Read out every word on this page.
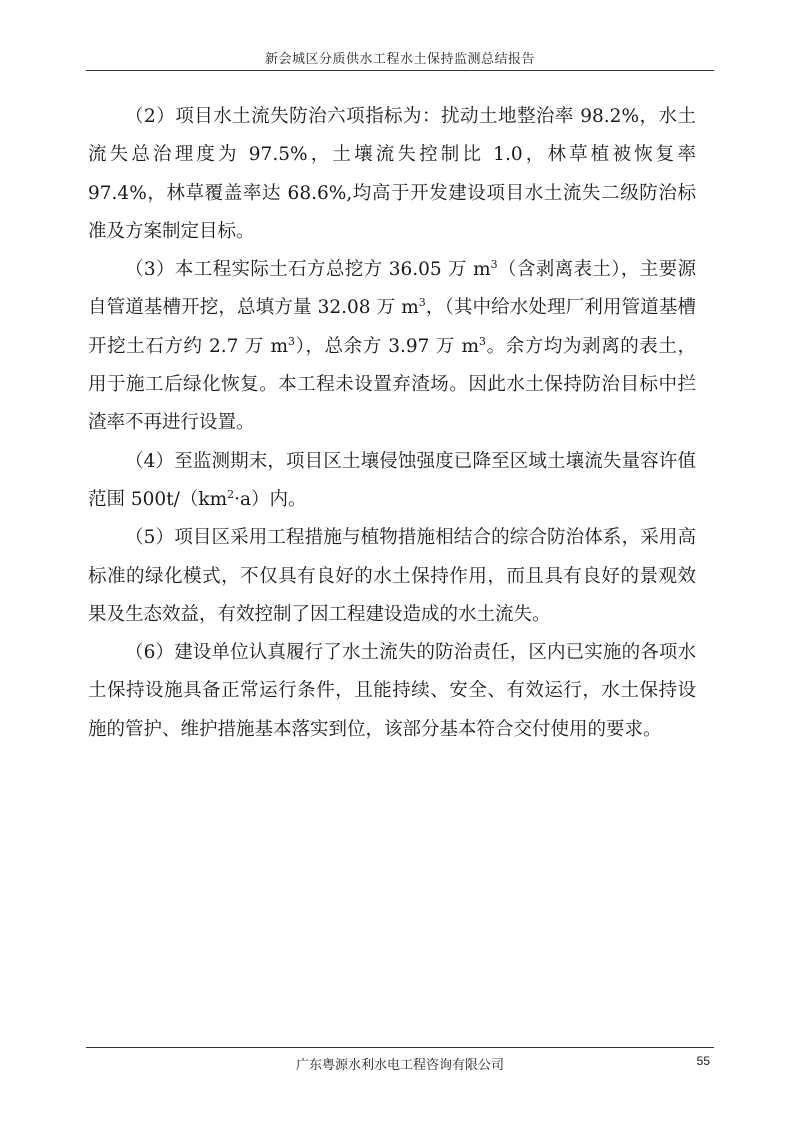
新会城区分质供水工程水土保持监测总结报告

（2）项目水土流失防治六项指标为：扰动土地整治率 98.2%，水土流失总治理度为 97.5%，土壤流失控制比 1.0，林草植被恢复率 97.4%，林草覆盖率达 68.6%,均高于开发建设项目水土流失二级防治标准及方案制定目标。

（3）本工程实际土石方总挖方 36.05 万 $m^3$（含剥离表土），主要源自管道基槽开挖，总填方量 32.08 万 $m^3$，（其中给水处理厂利用管道基槽开挖土石方约 2.7 万 $m^3$），总余方 3.97 万 $m^3$。余方均为剥离的表土，用于施工后绿化恢复。本工程未设置弃渣场。因此水土保持防治目标中拦渣率不再进行设置。

（4）至监测期末，项目区土壤侵蚀强度已降至区域土壤流失量容许值范围 $500t/(km^2\cdot a)$内。

（5）项目区采用工程措施与植物措施相结合的综合防治体系，采用高标准的绿化模式，不仅具有良好的水土保持作用，而且具有良好的景观效果及生态效益，有效控制了因工程建设造成的水土流失。

（6）建设单位认真履行了水土流失的防治责任，区内已实施的各项水土保持设施具备正常运行条件，且能持续、安全、有效运行，水土保持设施的管护、维护措施基本落实到位，该部分基本符合交付使用的要求。

广东粤源水利水电工程咨询有限公司	55
